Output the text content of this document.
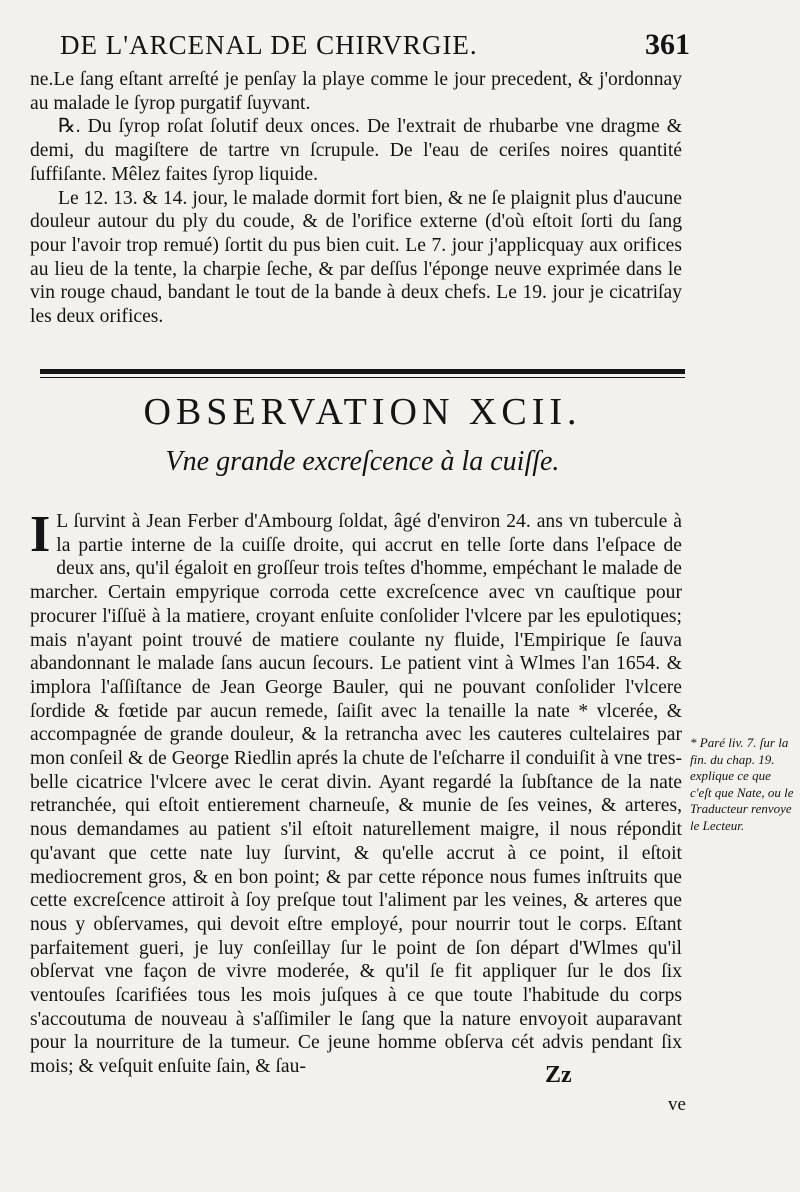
DE L'ARCENAL DE CHIRVRGIE.	361

ne.Le ſang eſtant arreſté je penſay la playe comme le jour precedent, & j'ordonnay au malade le ſyrop purgatif ſuyvant.

℞. Du ſyrop roſat ſolutif deux onces. De l'extrait de rhubarbe vne dragme & demi, du magiſtere de tartre vn ſcrupule. De l'eau de ceriſes noires quantité ſuffiſante. Mêlez faites ſyrop liquide.

Le 12. 13. & 14. jour, le malade dormit fort bien, & ne ſe plaignit plus d'aucune douleur autour du ply du coude, & de l'orifice externe (d'où eſtoit ſorti du ſang pour l'avoir trop remué) ſortit du pus bien cuit. Le 7. jour j'applicquay aux orifices au lieu de la tente, la charpie ſeche, & par deſſus l'éponge neuve exprimée dans le vin rouge chaud, bandant le tout de la bande à deux chefs. Le 19. jour je cicatriſay les deux orifices.

OBSERVATION XCII.
Vne grande excreſcence à la cuiſſe.
I L ſurvint à Jean Ferber d'Ambourg ſoldat, âgé d'environ 24. ans vn tubercule à la partie interne de la cuiſſe droite, qui accrut en telle ſorte dans l'eſpace de deux ans, qu'il égaloit en groſſeur trois teſtes d'homme, empéchant le malade de marcher. Certain empyrique corroda cette excreſcence avec vn cauſtique pour procurer l'iſſuë à la matiere, croyant enſuite conſolider l'vlcere par les epulotiques; mais n'ayant point trouvé de matiere coulante ny fluide, l'Empirique ſe ſauva abandonnant le malade ſans aucun ſecours. Le patient vint à Wlmes l'an 1654. & implora l'aſſiſtance de Jean George Bauler, qui ne pouvant conſolider l'vlcere ſordide & fœtide par aucun remede, ſaiſit avec la tenaille la nate * vlcerée, & accompagnée de grande douleur, & la retrancha avec les cauteres cultelaires par mon conſeil & de George Riedlin aprés la chute de l'eſcharre il conduiſit à vne tres-belle cicatrice l'vlcere avec le cerat divin. Ayant regardé la ſubſtance de la nate retranchée, qui eſtoit entierement charneuſe, & munie de ſes veines, & arteres, nous demandames au patient s'il eſtoit naturellement maigre, il nous répondit qu'avant que cette nate luy ſurvint, & qu'elle accrut à ce point, il eſtoit mediocrement gros, & en bon point; & par cette réponce nous fumes inſtruits que cette excreſcence attiroit à ſoy preſque tout l'aliment par les veines, & arteres que nous y obſervames, qui devoit eſtre employé, pour nourrir tout le corps. Eſtant parfaitement gueri, je luy conſeillay ſur le point de ſon départ d'Wlmes qu'il obſervat vne façon de vivre moderée, & qu'il ſe fit appliquer ſur le dos ſix ventouſes ſcarifiées tous les mois juſques à ce que toute l'habitude du corps s'accoutuma de nouveau à s'aſſimiler le ſang que la nature envoyoit auparavant pour la nourriture de la tumeur. Ce jeune homme obſerva cét advis pendant ſix mois; & veſquit enſuite ſain, & ſau-

* Paré liv. 7. ſur la fin. du chap. 19. explique ce que c'eſt que Nate, ou le Traducteur renvoye le Lecteur.
Zz
ve
